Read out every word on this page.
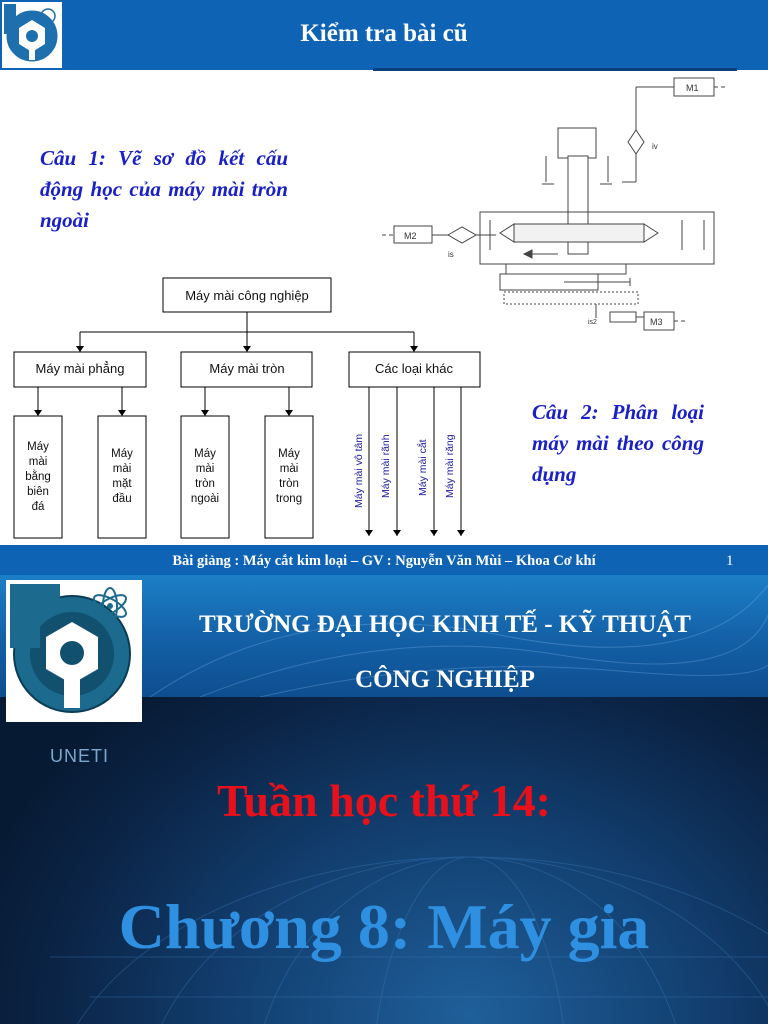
Kiểm tra bài cũ
Câu 1: Vẽ sơ đồ kết cấu động học của máy mài tròn ngoài
M1
iv
M2
is
is2	M3
Máy mài công nghiệp
Máy mài phẳng	Máy mài tròn	Các loại khác
Máy mài bằng biên đá
Máy mài mặt đầu
Máy mài tròn ngoài
Máy mài tròn trong	Máy mài vô tâm Máy mài rãnh Máy mài cắt Máy mài răng
Câu 2: Phân loại máy mài theo công dụng
Bài giảng : Máy cắt kim loại – GV : Nguyễn Văn Mùi – Khoa Cơ khí	1
TRƯỜNG ĐẠI HỌC KINH TẾ - KỸ THUẬT
CÔNG NGHIỆP
UNETI
Tuần học thứ 14:
Chương 8: Máy gia
